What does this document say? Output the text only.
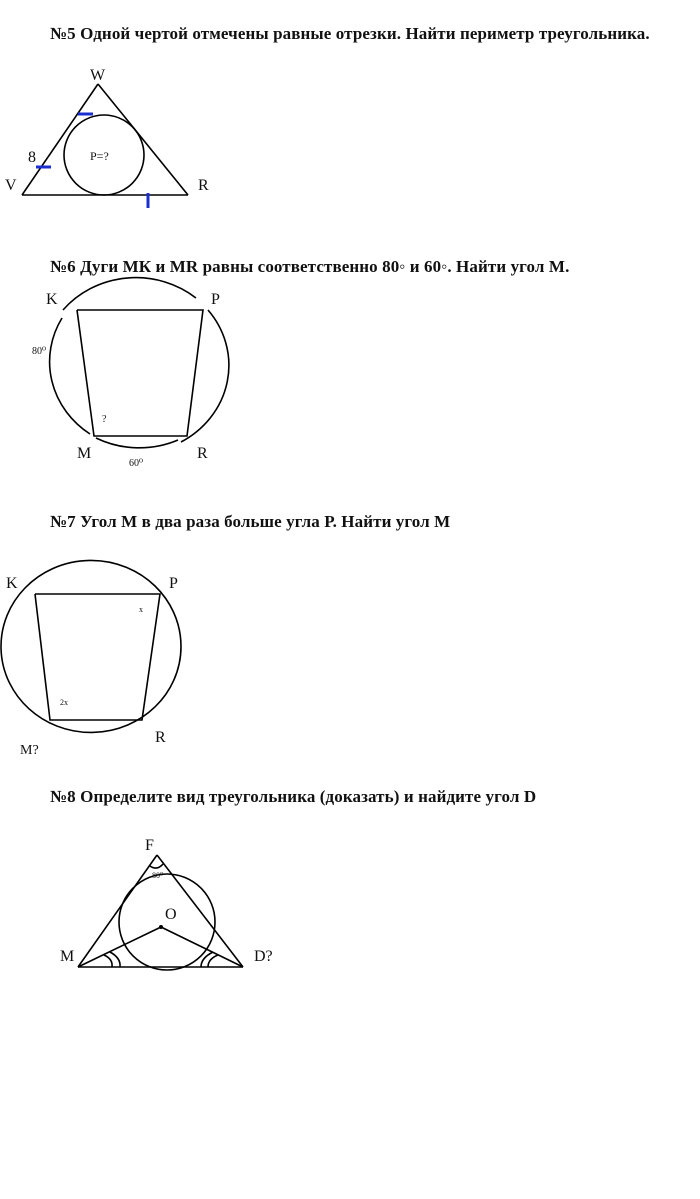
№5 Одной чертой отмечены равные отрезки. Найти периметр треугольника.
W
V	R
8	P=?
№6 Дуги МК и MR равны соответственно 80◦ и 60◦. Найти угол М.
K	P
M	R
80⁰
60⁰
?
№7 Угол М в два раза больше угла Р. Найти угол М
K	P
M?
R
x
2x
№8 Определите вид треугольника (доказать) и найдите угол D
F
M	D?
O
80⁰
